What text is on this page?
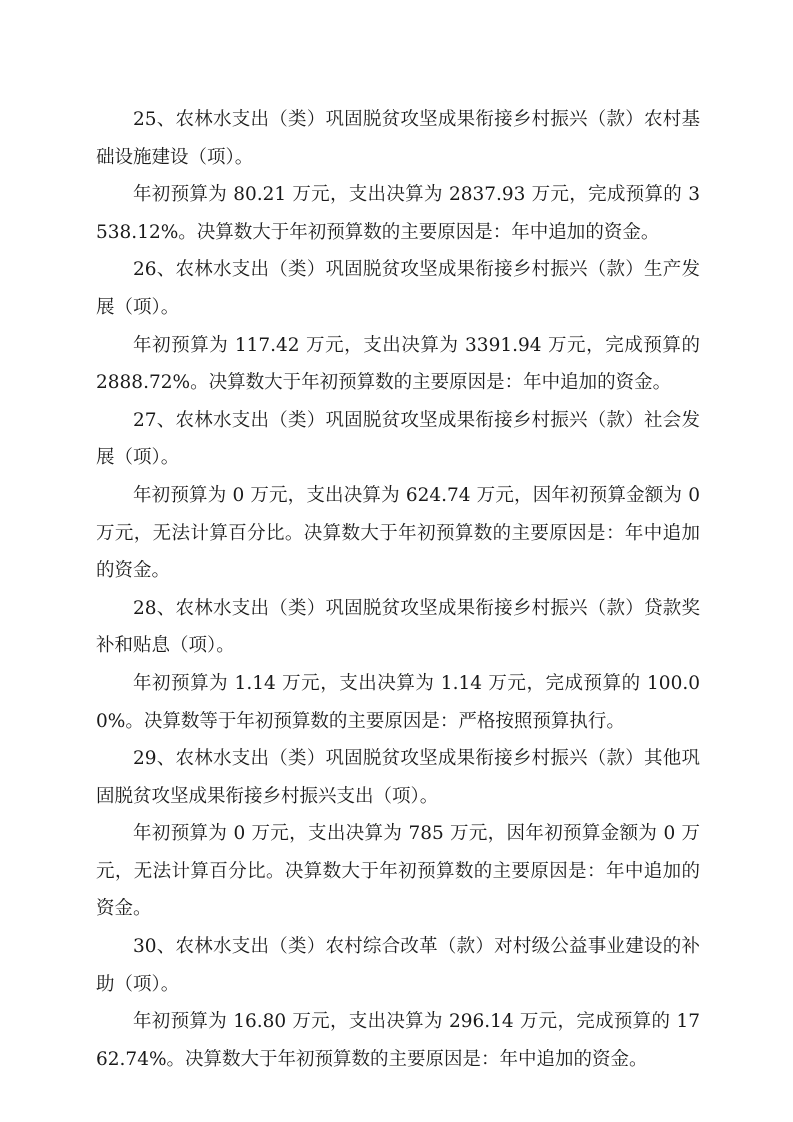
25、农林水支出（类）巩固脱贫攻坚成果衔接乡村振兴（款）农村基础设施建设（项）。

年初预算为 80.21 万元，支出决算为 2837.93 万元，完成预算的 3538.12%。决算数大于年初预算数的主要原因是：年中追加的资金。

26、农林水支出（类）巩固脱贫攻坚成果衔接乡村振兴（款）生产发展（项）。

年初预算为 117.42 万元，支出决算为 3391.94 万元，完成预算的 2888.72%。决算数大于年初预算数的主要原因是：年中追加的资金。

27、农林水支出（类）巩固脱贫攻坚成果衔接乡村振兴（款）社会发展（项）。

年初预算为 0 万元，支出决算为 624.74 万元，因年初预算金额为 0 万元，无法计算百分比。决算数大于年初预算数的主要原因是：年中追加的资金。

28、农林水支出（类）巩固脱贫攻坚成果衔接乡村振兴（款）贷款奖补和贴息（项）。

年初预算为 1.14 万元，支出决算为 1.14 万元，完成预算的 100.00%。决算数等于年初预算数的主要原因是：严格按照预算执行。

29、农林水支出（类）巩固脱贫攻坚成果衔接乡村振兴（款）其他巩固脱贫攻坚成果衔接乡村振兴支出（项）。

年初预算为 0 万元，支出决算为 785 万元，因年初预算金额为 0 万元，无法计算百分比。决算数大于年初预算数的主要原因是：年中追加的资金。

30、农林水支出（类）农村综合改革（款）对村级公益事业建设的补助（项）。

年初预算为 16.80 万元，支出决算为 296.14 万元，完成预算的 1762.74%。决算数大于年初预算数的主要原因是：年中追加的资金。
